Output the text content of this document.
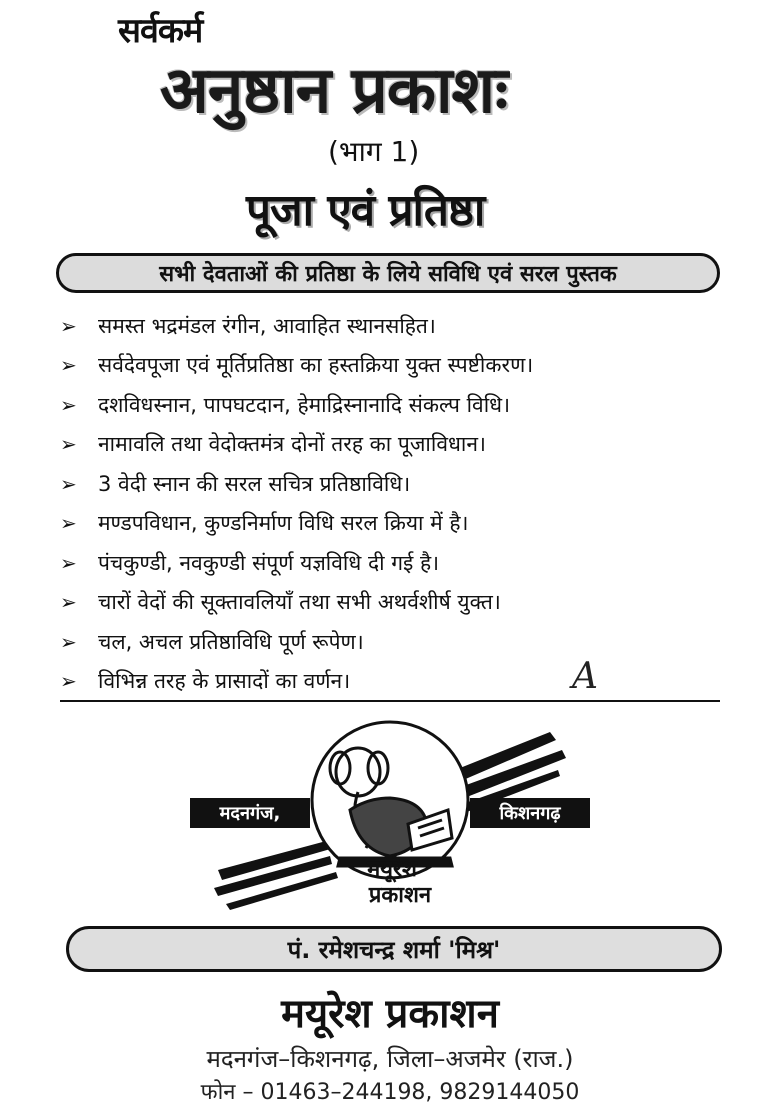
सर्वकर्म
अनुष्ठान प्रकाशः
(भाग 1)
पूजा एवं प्रतिष्ठा
सभी देवताओं की प्रतिष्ठा के लिये सविधि एवं सरल पुस्तक
➢	समस्त भद्रमंडल रंगीन, आवाहित स्थानसहित।
➢	सर्वदेवपूजा एवं मूर्तिप्रतिष्ठा का हस्तक्रिया युक्त स्पष्टीकरण।
➢	दशविधस्नान, पापघटदान, हेमाद्रिस्नानादि संकल्प विधि।
➢	नामावलि तथा वेदोक्तमंत्र दोनों तरह का पूजाविधान।
➢	3 वेदी स्नान की सरल सचित्र प्रतिष्ठाविधि।
➢	मण्डपविधान, कुण्डनिर्माण विधि सरल क्रिया में है।
➢	पंचकुण्डी, नवकुण्डी संपूर्ण यज्ञविधि दी गई है।
➢	चारों वेदों की सूक्तावलियाँ तथा सभी अथर्वशीर्ष युक्त।
➢	चल, अचल प्रतिष्ठाविधि पूर्ण रूपेण।
➢	विभिन्न तरह के प्रासादों का वर्णन।	A
मदनगंज,	किशनगढ़
मयूरेश
प्रकाशन
पं. रमेशचन्द्र शर्मा 'मिश्र'
मयूरेश प्रकाशन
मदनगंज–किशनगढ़, जिला–अजमेर (राज.)
फोन – 01463–244198, 9829144050
